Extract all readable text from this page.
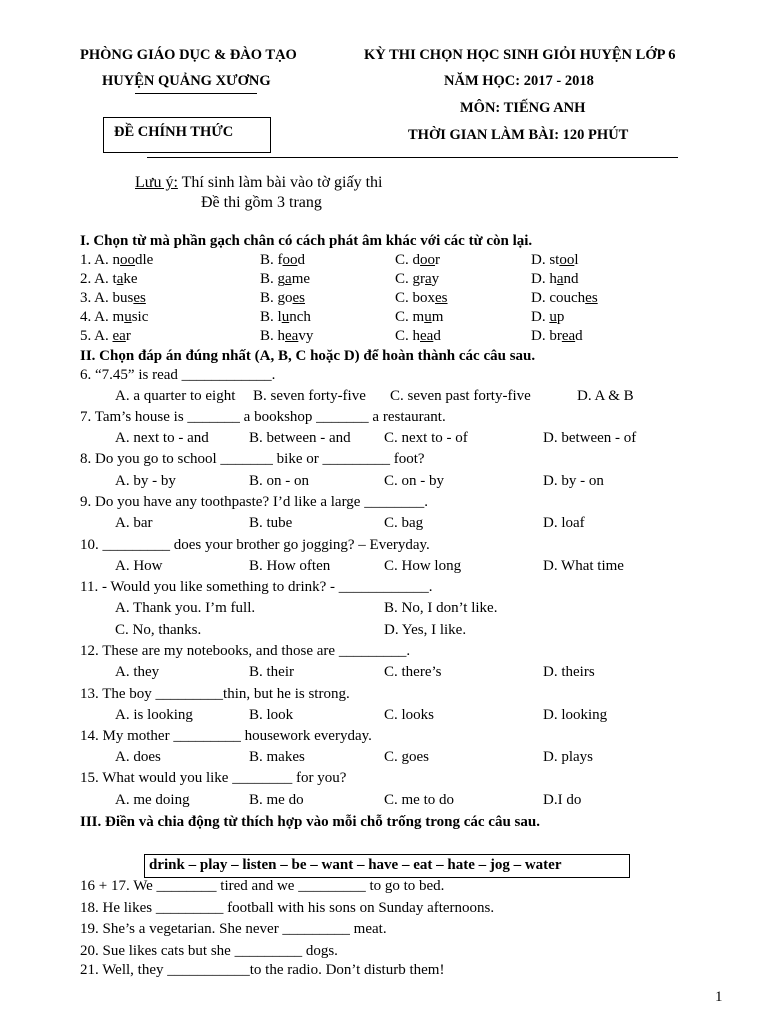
PHÒNG GIÁO DỤC & ĐÀO TẠO
HUYỆN QUẢNG XƯƠNG
ĐỀ CHÍNH THỨC
KỲ THI CHỌN HỌC SINH GIỎI HUYỆN LỚP 6
NĂM HỌC: 2017 - 2018
MÔN: TIẾNG ANH
THỜI GIAN LÀM BÀI: 120 PHÚT
Lưu ý: Thí sinh làm bài vào tờ giấy thi
Đề thi gồm 3 trang
I. Chọn từ mà phần gạch chân có cách phát âm khác với các từ còn lại.
1. A. noodle	B. food	C. door	D. stool
2. A. take	B. game	C. gray	D. hand
3. A. buses	B. goes	C. boxes	D. couches
4. A. music	B. lunch	C. mum	D. up
5. A. ear	B. heavy	C. head	D. bread
II. Chọn đáp án đúng nhất (A, B, C hoặc D) để hoàn thành các câu sau.
6. “7.45” is read ____________.
A. a quarter to eight B. seven forty-five C. seven past forty-five	D. A & B
7. Tam’s house is _______ a bookshop _______ a restaurant.
A. next to - and	B. between - and C. next to - of	D. between - of
8. Do you go to school _______ bike or _________ foot?
A. by - by	B. on - on	C. on - by	D. by - on
9. Do you have any toothpaste? I’d like a large ________.
A. bar	B. tube	C. bag	D. loaf
10. _________ does your brother go jogging? – Everyday.
A. How	B. How often	C. How long	D. What time
11. - Would you like something to drink? - ____________.
A. Thank you. I’m full.	B. No, I don’t like.
C. No, thanks.	D. Yes, I like.
12. These are my notebooks, and those are _________.
A. they	B. their	C. there’s	D. theirs
13. The boy _________thin, but he is strong.
A. is looking	B. look	C. looks	D. looking
14. My mother _________ housework everyday.
A. does	B. makes	C. goes	D. plays
15. What would you like ________ for you?
A. me doing	B. me do	C. me to do	D.I do
III. Điền và chia động từ thích hợp vào mỗi chỗ trống trong các câu sau.
drink – play – listen – be – want – have – eat – hate – jog – water
16 + 17. We ________ tired and we _________ to go to bed.
18. He likes _________ football with his sons on Sunday afternoons.
19. She’s a vegetarian. She never _________ meat.
20. Sue likes cats but she _________ dogs.
21. Well, they ___________to the radio. Don’t disturb them!
1
